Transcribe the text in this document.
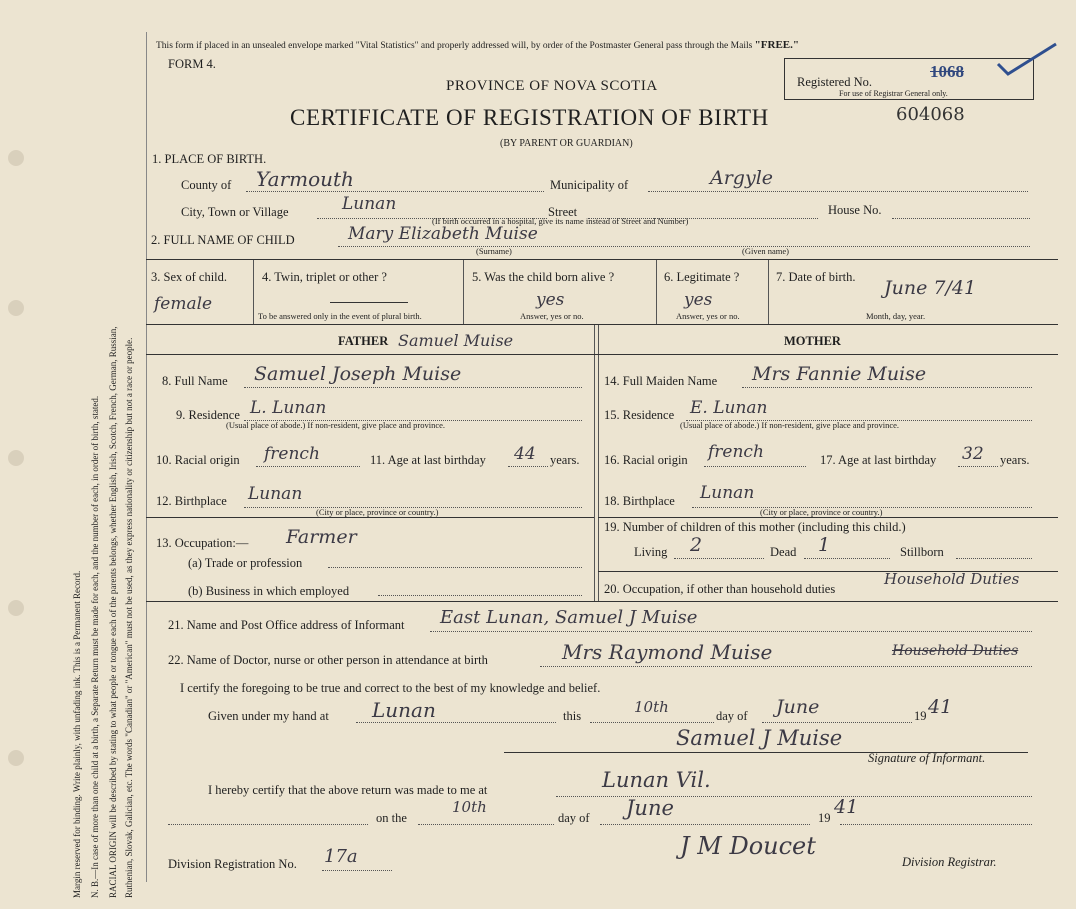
Margin reserved for binding. Write plainly, with unfading ink. This is a Permanent Record. N. B.—In case of more than one child at a birth, a Separate Return must be made for each, and the number of each, in order of birth, stated. RACIAL ORIGIN will be described by stating to what people or tongue each of the parents belongs, whether English, Irish, Scotch, French, German, Russian, Ruthenian, Slovak, Galician, etc. The words "Canadian" or "American" must not be used, as they express nationality or citizenship but not a race or people.
This form if placed in an unsealed envelope marked "Vital Statistics" and properly addressed will, by order of the Postmaster General pass through the Mails "FREE."
FORM 4.
PROVINCE OF NOVA SCOTIA
CERTIFICATE OF REGISTRATION OF BIRTH
(BY PARENT OR GUARDIAN)
Registered No.
For use of Registrar General only.
1068
604068
1. PLACE OF BIRTH.
County of Yarmouth	Municipality of	Argyle
City, Town or Village	Lunan	Street	House No.
(If birth occurred in a hospital, give its name instead of Street and Number)
2. FULL NAME OF CHILD	Mary Elizabeth Muise
(Surname)	(Given name)
3. Sex of child.
female
4. Twin, triplet or other ?
To be answered only in the event of plural birth.
5. Was the child born alive ?
yes
Answer, yes or no.
6. Legitimate ?
yes
Answer, yes or no.
7. Date of birth. June 7/41
Month, day, year.
FATHER Samuel Muise	MOTHER
8. Full Name Samuel Joseph Muise
9. Residence L. Lunan
(Usual place of abode.) If non-resident, give place and province.
10. Racial origin french	11. Age at last birthday 44 years.
12. Birthplace Lunan
(City or place, province or country.)
13. Occupation:— Farmer
(a) Trade or profession
(b) Business in which employed
14. Full Maiden Name Mrs Fannie Muise
15. Residence E. Lunan
(Usual place of abode.) If non-resident, give place and province.
16. Racial origin french	17. Age at last birthday 32 years.
18. Birthplace Lunan
(City or place, province or country.)
19. Number of children of this mother (including this child.)
Living 2	Dead 1	Stillborn
20. Occupation, if other than household duties
Household Duties
21. Name and Post Office address of Informant East Lunan, Samuel J Muise
22. Name of Doctor, nurse or other person in attendance at birth	Mrs Raymond Muise	Household Duties
I certify the foregoing to be true and correct to the best of my knowledge and belief.
Given under my hand at Lunan	this	10th	day of June	19 41
Samuel J Muise
Signature of Informant.
I hereby certify that the above return was made to me at	Lunan Vil.
on the
10th
day of June	19 41
Division Registration No. 17a	J M Doucet
Division Registrar.
